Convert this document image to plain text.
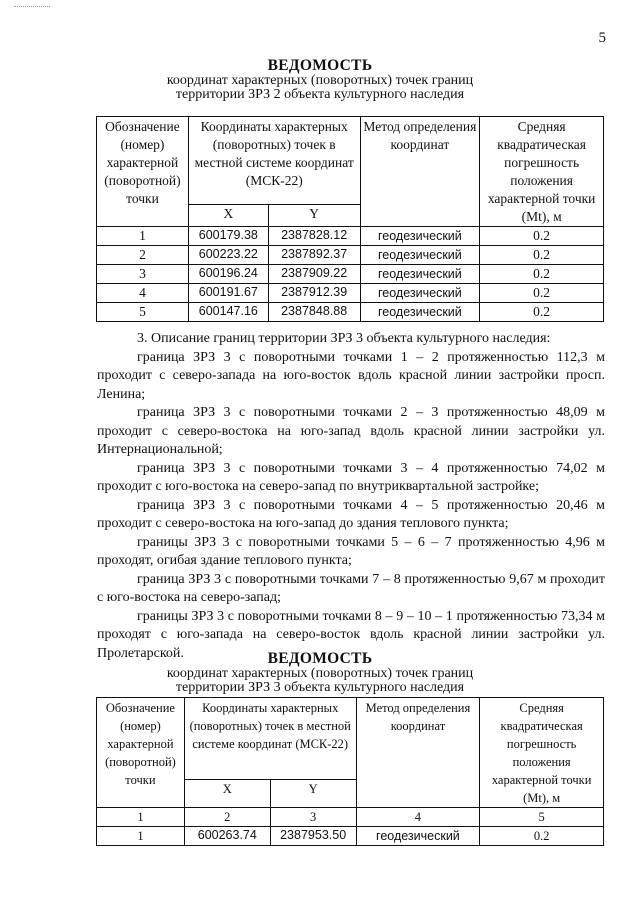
5
ВЕДОМОСТЬ
координат характерных (поворотных) точек границ
территории ЗРЗ 2 объекта культурного наследия
Обозначение (номер) характерной (поворотной) точки	Координаты характерных (поворотных) точек в местной системе координат (МСК-22)		Метод определения координат	Средняя квадратическая погрешность положения характерной точки (Mt), м
	X	Y		
1	600179.38	2387828.12	геодезический	0.2
2	600223.22	2387892.37	геодезический	0.2
3	600196.24	2387909.22	геодезический	0.2
4	600191.67	2387912.39	геодезический	0.2
5	600147.16	2387848.88	геодезический	0.2

3. Описание границ территории ЗРЗ 3 объекта культурного наследия:

граница ЗРЗ 3 с поворотными точками 1 – 2 протяженностью 112,3 м проходит с северо-запада на юго-восток вдоль красной линии застройки просп. Ленина;

граница ЗРЗ 3 с поворотными точками 2 – 3 протяженностью 48,09 м проходит с северо-востока на юго-запад вдоль красной линии застройки ул. Интернациональной;

граница ЗРЗ 3 с поворотными точками 3 – 4 протяженностью 74,02 м проходит с юго-востока на северо-запад по внутриквартальной застройке;

граница ЗРЗ 3 с поворотными точками 4 – 5 протяженностью 20,46 м проходит с северо-востока на юго-запад до здания теплового пункта;

границы ЗРЗ 3 с поворотными точками 5 – 6 – 7 протяженностью 4,96 м проходят, огибая здание теплового пункта;

граница ЗРЗ 3 с поворотными точками 7 – 8 протяженностью 9,67 м проходит с юго-востока на северо-запад;

границы ЗРЗ 3 с поворотными точками 8 – 9 – 10 – 1 протяженностью 73,34 м проходят с юго-запада на северо-восток вдоль красной линии застройки ул. Пролетарской.	ВЕДОМОСТЬ
координат характерных (поворотных) точек границ
территории ЗРЗ 3 объекта культурного наследия
Обозначение (номер) характерной (поворотной) точки	Координаты характерных (поворотных) точек в местной системе координат (МСК-22)		Метод определения координат	Средняя квадратическая погрешность положения характерной точки (Mt), м
	X	Y		
1	2	3	4	5
1	600263.74	2387953.50	геодезический	0.2
